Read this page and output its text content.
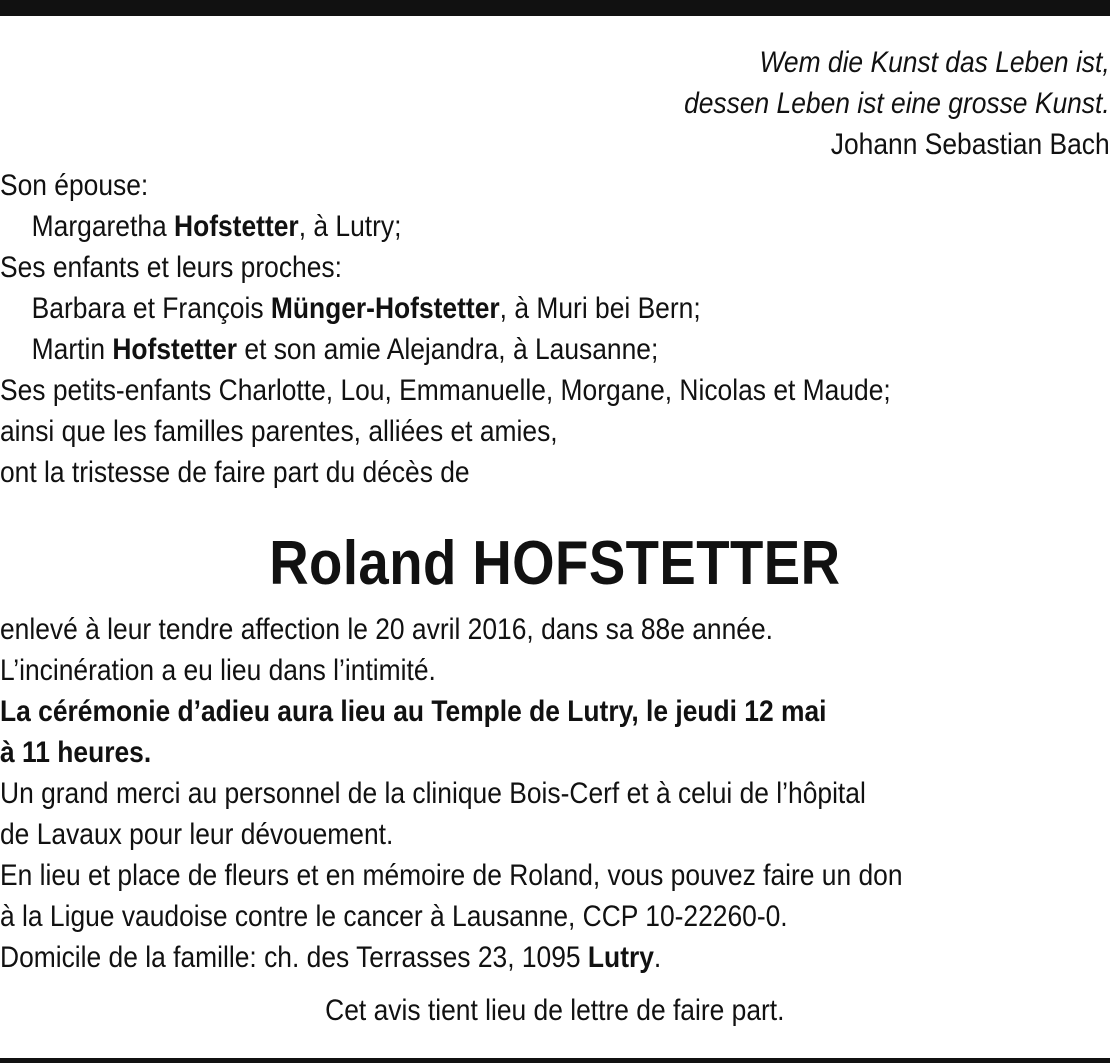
Wem die Kunst das Leben ist,
dessen Leben ist eine grosse Kunst.
Johann Sebastian Bach
Son épouse:
Margaretha Hofstetter, à Lutry;
Ses enfants et leurs proches:
Barbara et François Münger-Hofstetter, à Muri bei Bern;
Martin Hofstetter et son amie Alejandra, à Lausanne;
Ses petits-enfants Charlotte, Lou, Emmanuelle, Morgane, Nicolas et Maude;
ainsi que les familles parentes, alliées et amies,
ont la tristesse de faire part du décès de
Roland HOFSTETTER
enlevé à leur tendre affection le 20 avril 2016, dans sa 88e année.
L’incinération a eu lieu dans l’intimité.
La cérémonie d’adieu aura lieu au Temple de Lutry, le jeudi 12 mai
à 11 heures.
Un grand merci au personnel de la clinique Bois-Cerf et à celui de l’hôpital
de Lavaux pour leur dévouement.
En lieu et place de fleurs et en mémoire de Roland, vous pouvez faire un don
à la Ligue vaudoise contre le cancer à Lausanne, CCP 10-22260-0.
Domicile de la famille: ch. des Terrasses 23, 1095 Lutry.
Cet avis tient lieu de lettre de faire part.
